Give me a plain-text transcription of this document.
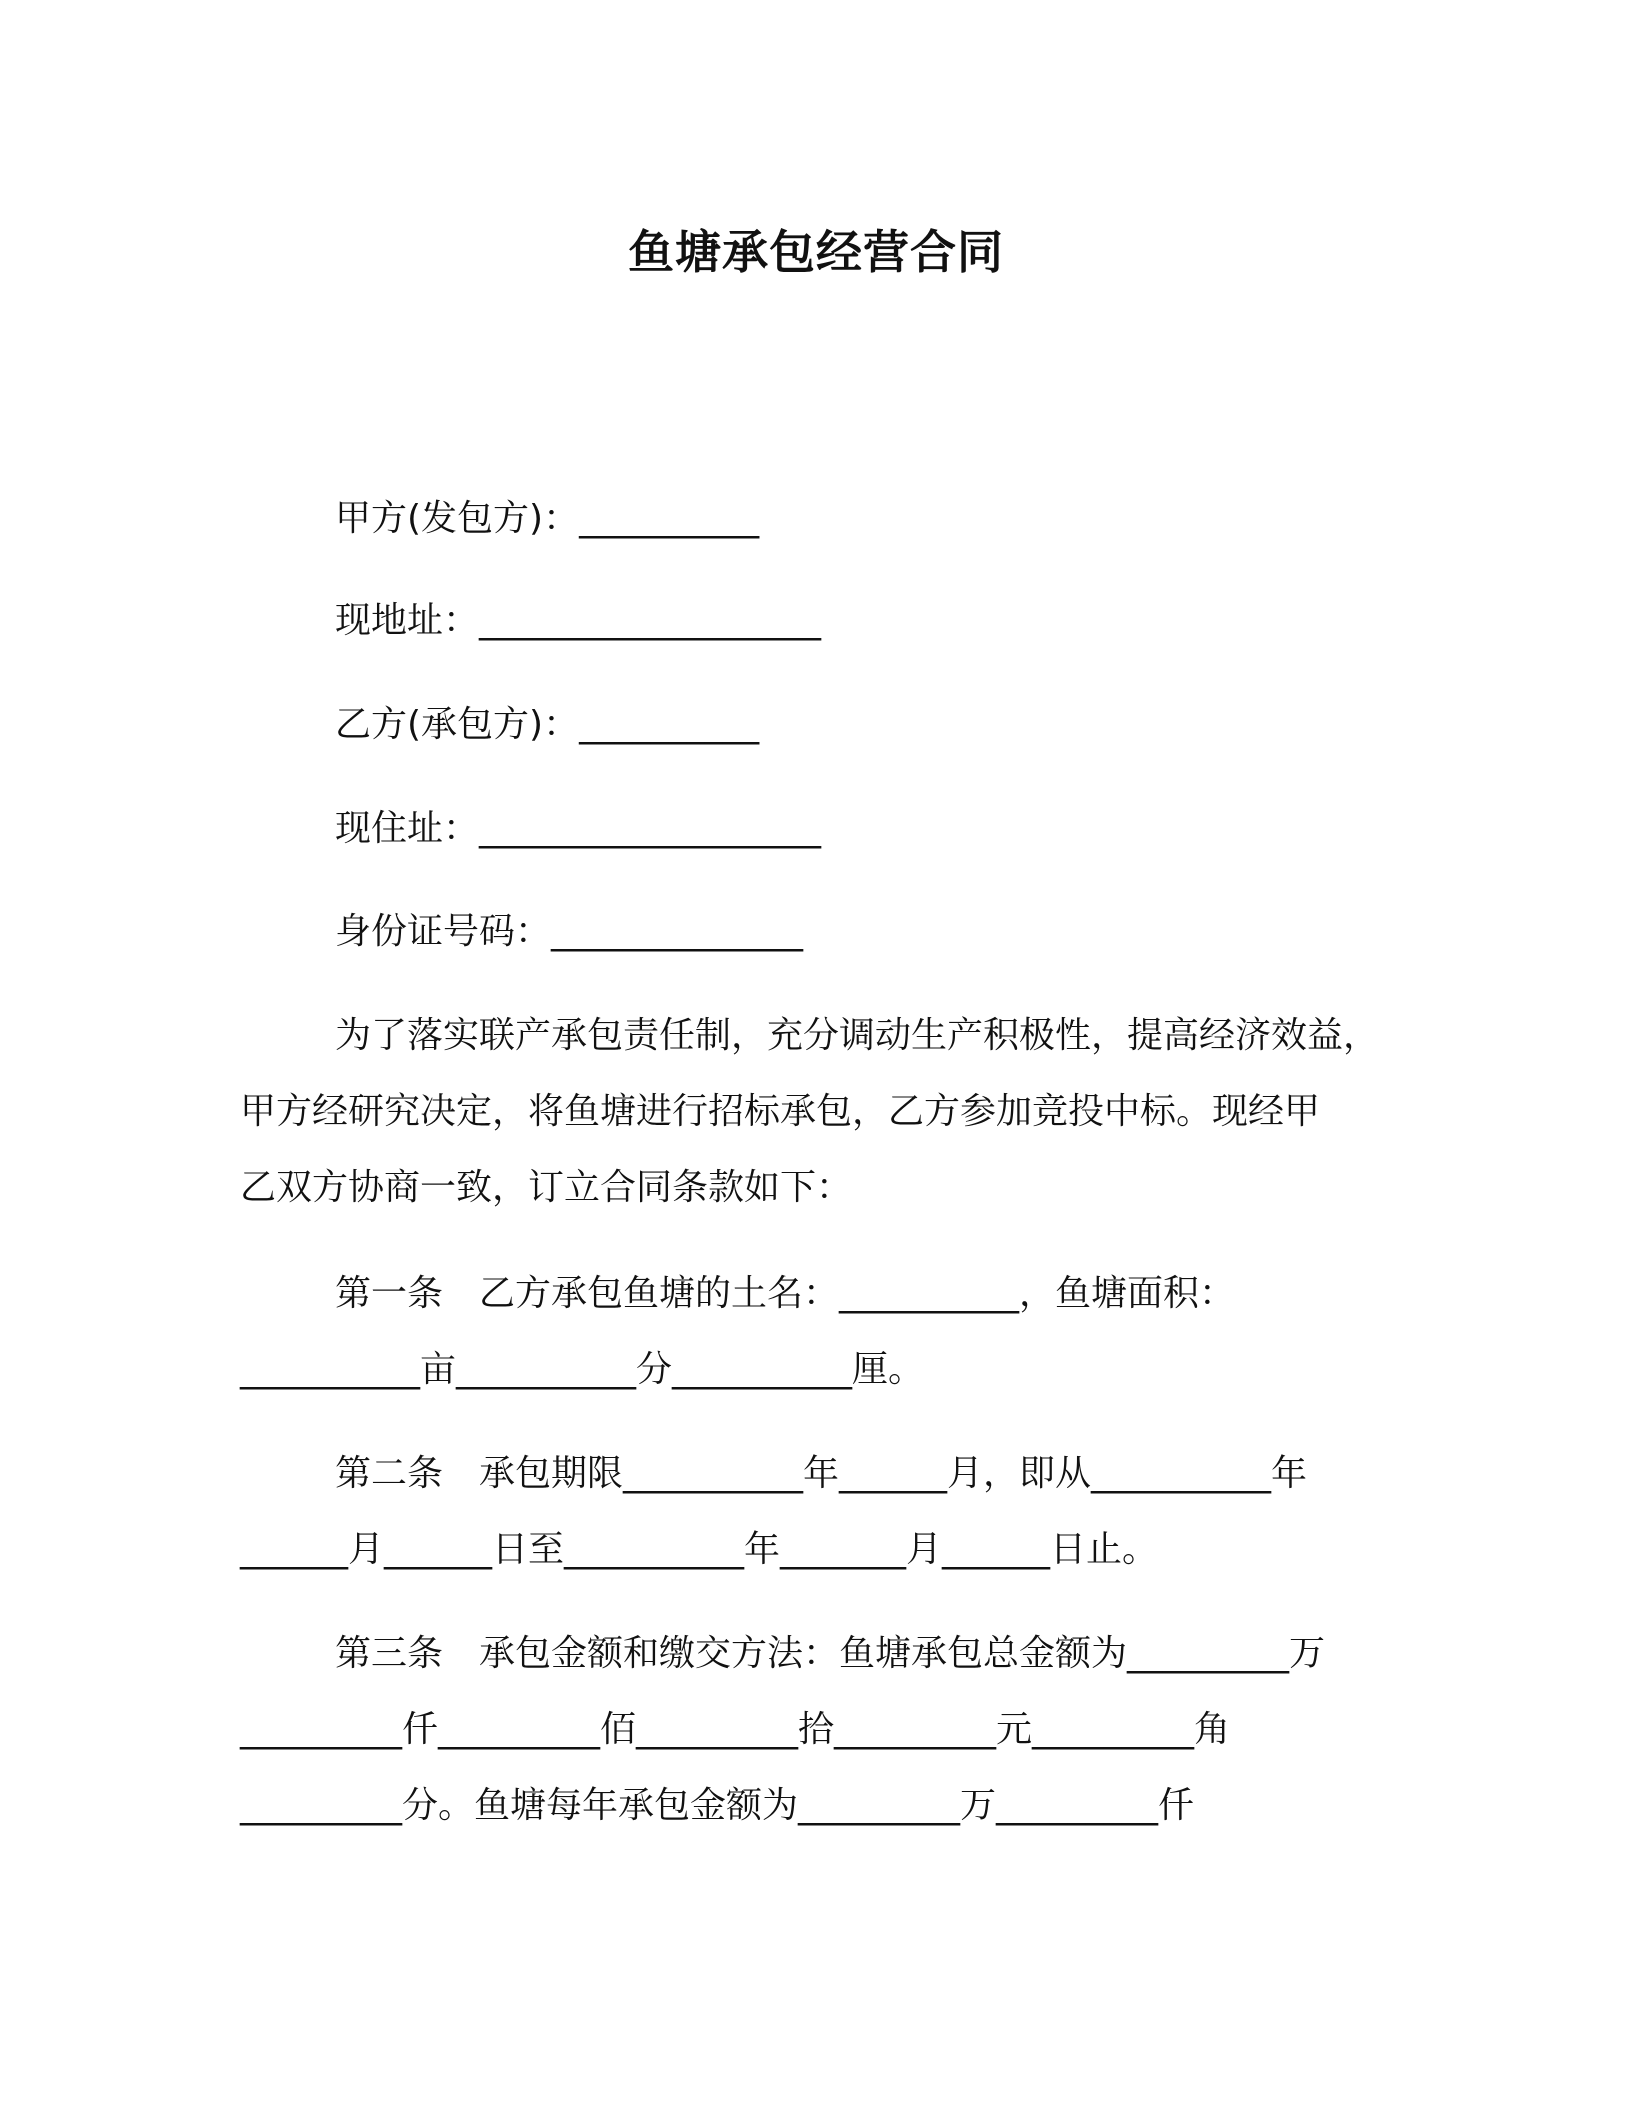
鱼塘承包经营合同
甲方(发包方)：__________
现地址：___________________
乙方(承包方)：__________
现住址：___________________
身份证号码：______________
为了落实联产承包责任制，充分调动生产积极性，提高经济效益，
甲方经研究决定，将鱼塘进行招标承包，乙方参加竞投中标。现经甲
乙双方协商一致，订立合同条款如下：
第一条　乙方承包鱼塘的土名：__________，鱼塘面积：
__________亩__________分__________厘。
第二条　承包期限__________年______月，即从__________年
______月______日至__________年_______月______日止。
第三条　承包金额和缴交方法：鱼塘承包总金额为_________万
_________仟_________佰_________拾_________元_________角
_________分。鱼塘每年承包金额为_________万_________仟
